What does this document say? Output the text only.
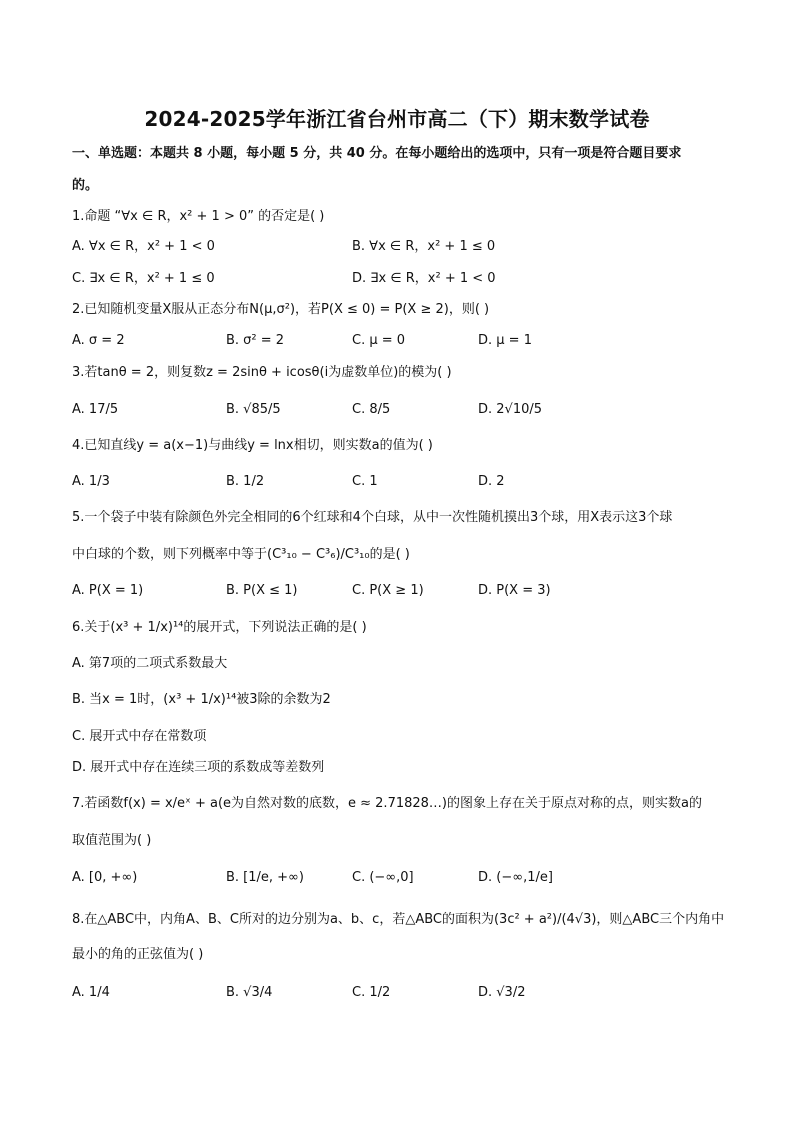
2024-2025学年浙江省台州市高二（下）期末数学试卷
一、单选题：本题共 8 小题，每小题 5 分，共 40 分。在每小题给出的选项中，只有一项是符合题目要求
的。
1.命题 “∀x ∈ R，x² + 1 > 0” 的否定是( )
A. ∀x ∈ R，x² + 1 < 0	B. ∀x ∈ R，x² + 1 ≤ 0
C. ∃x ∈ R，x² + 1 ≤ 0	D. ∃x ∈ R，x² + 1 < 0
2.已知随机变量X服从正态分布N(μ,σ²)，若P(X ≤ 0) = P(X ≥ 2)，则( )
A. σ = 2	B. σ² = 2	C. μ = 0	D. μ = 1
3.若tanθ = 2，则复数z = 2sinθ + icosθ(i为虚数单位)的模为( )
A. 17/5	B. √85/5	C. 8/5	D. 2√10/5
4.已知直线y = a(x−1)与曲线y = lnx相切，则实数a的值为( )
A. 1/3	B. 1/2	C. 1	D. 2
5.一个袋子中装有除颜色外完全相同的6个红球和4个白球，从中一次性随机摸出3个球，用X表示这3个球
中白球的个数，则下列概率中等于(C³₁₀ − C³₆)/C³₁₀的是( )
A. P(X = 1)	B. P(X ≤ 1)	C. P(X ≥ 1)	D. P(X = 3)
6.关于(x³ + 1/x)¹⁴的展开式，下列说法正确的是( )
A. 第7项的二项式系数最大
B. 当x = 1时，(x³ + 1/x)¹⁴被3除的余数为2
C. 展开式中存在常数项
D. 展开式中存在连续三项的系数成等差数列
7.若函数f(x) = x/eˣ + a(e为自然对数的底数，e ≈ 2.71828…)的图象上存在关于原点对称的点，则实数a的
取值范围为( )
A. [0, +∞)	B. [1/e, +∞)	C. (−∞,0]	D. (−∞,1/e]
8.在△ABC中，内角A、B、C所对的边分别为a、b、c，若△ABC的面积为(3c² + a²)/(4√3)，则△ABC三个内角中
最小的角的正弦值为( )
A. 1/4	B. √3/4	C. 1/2	D. √3/2
